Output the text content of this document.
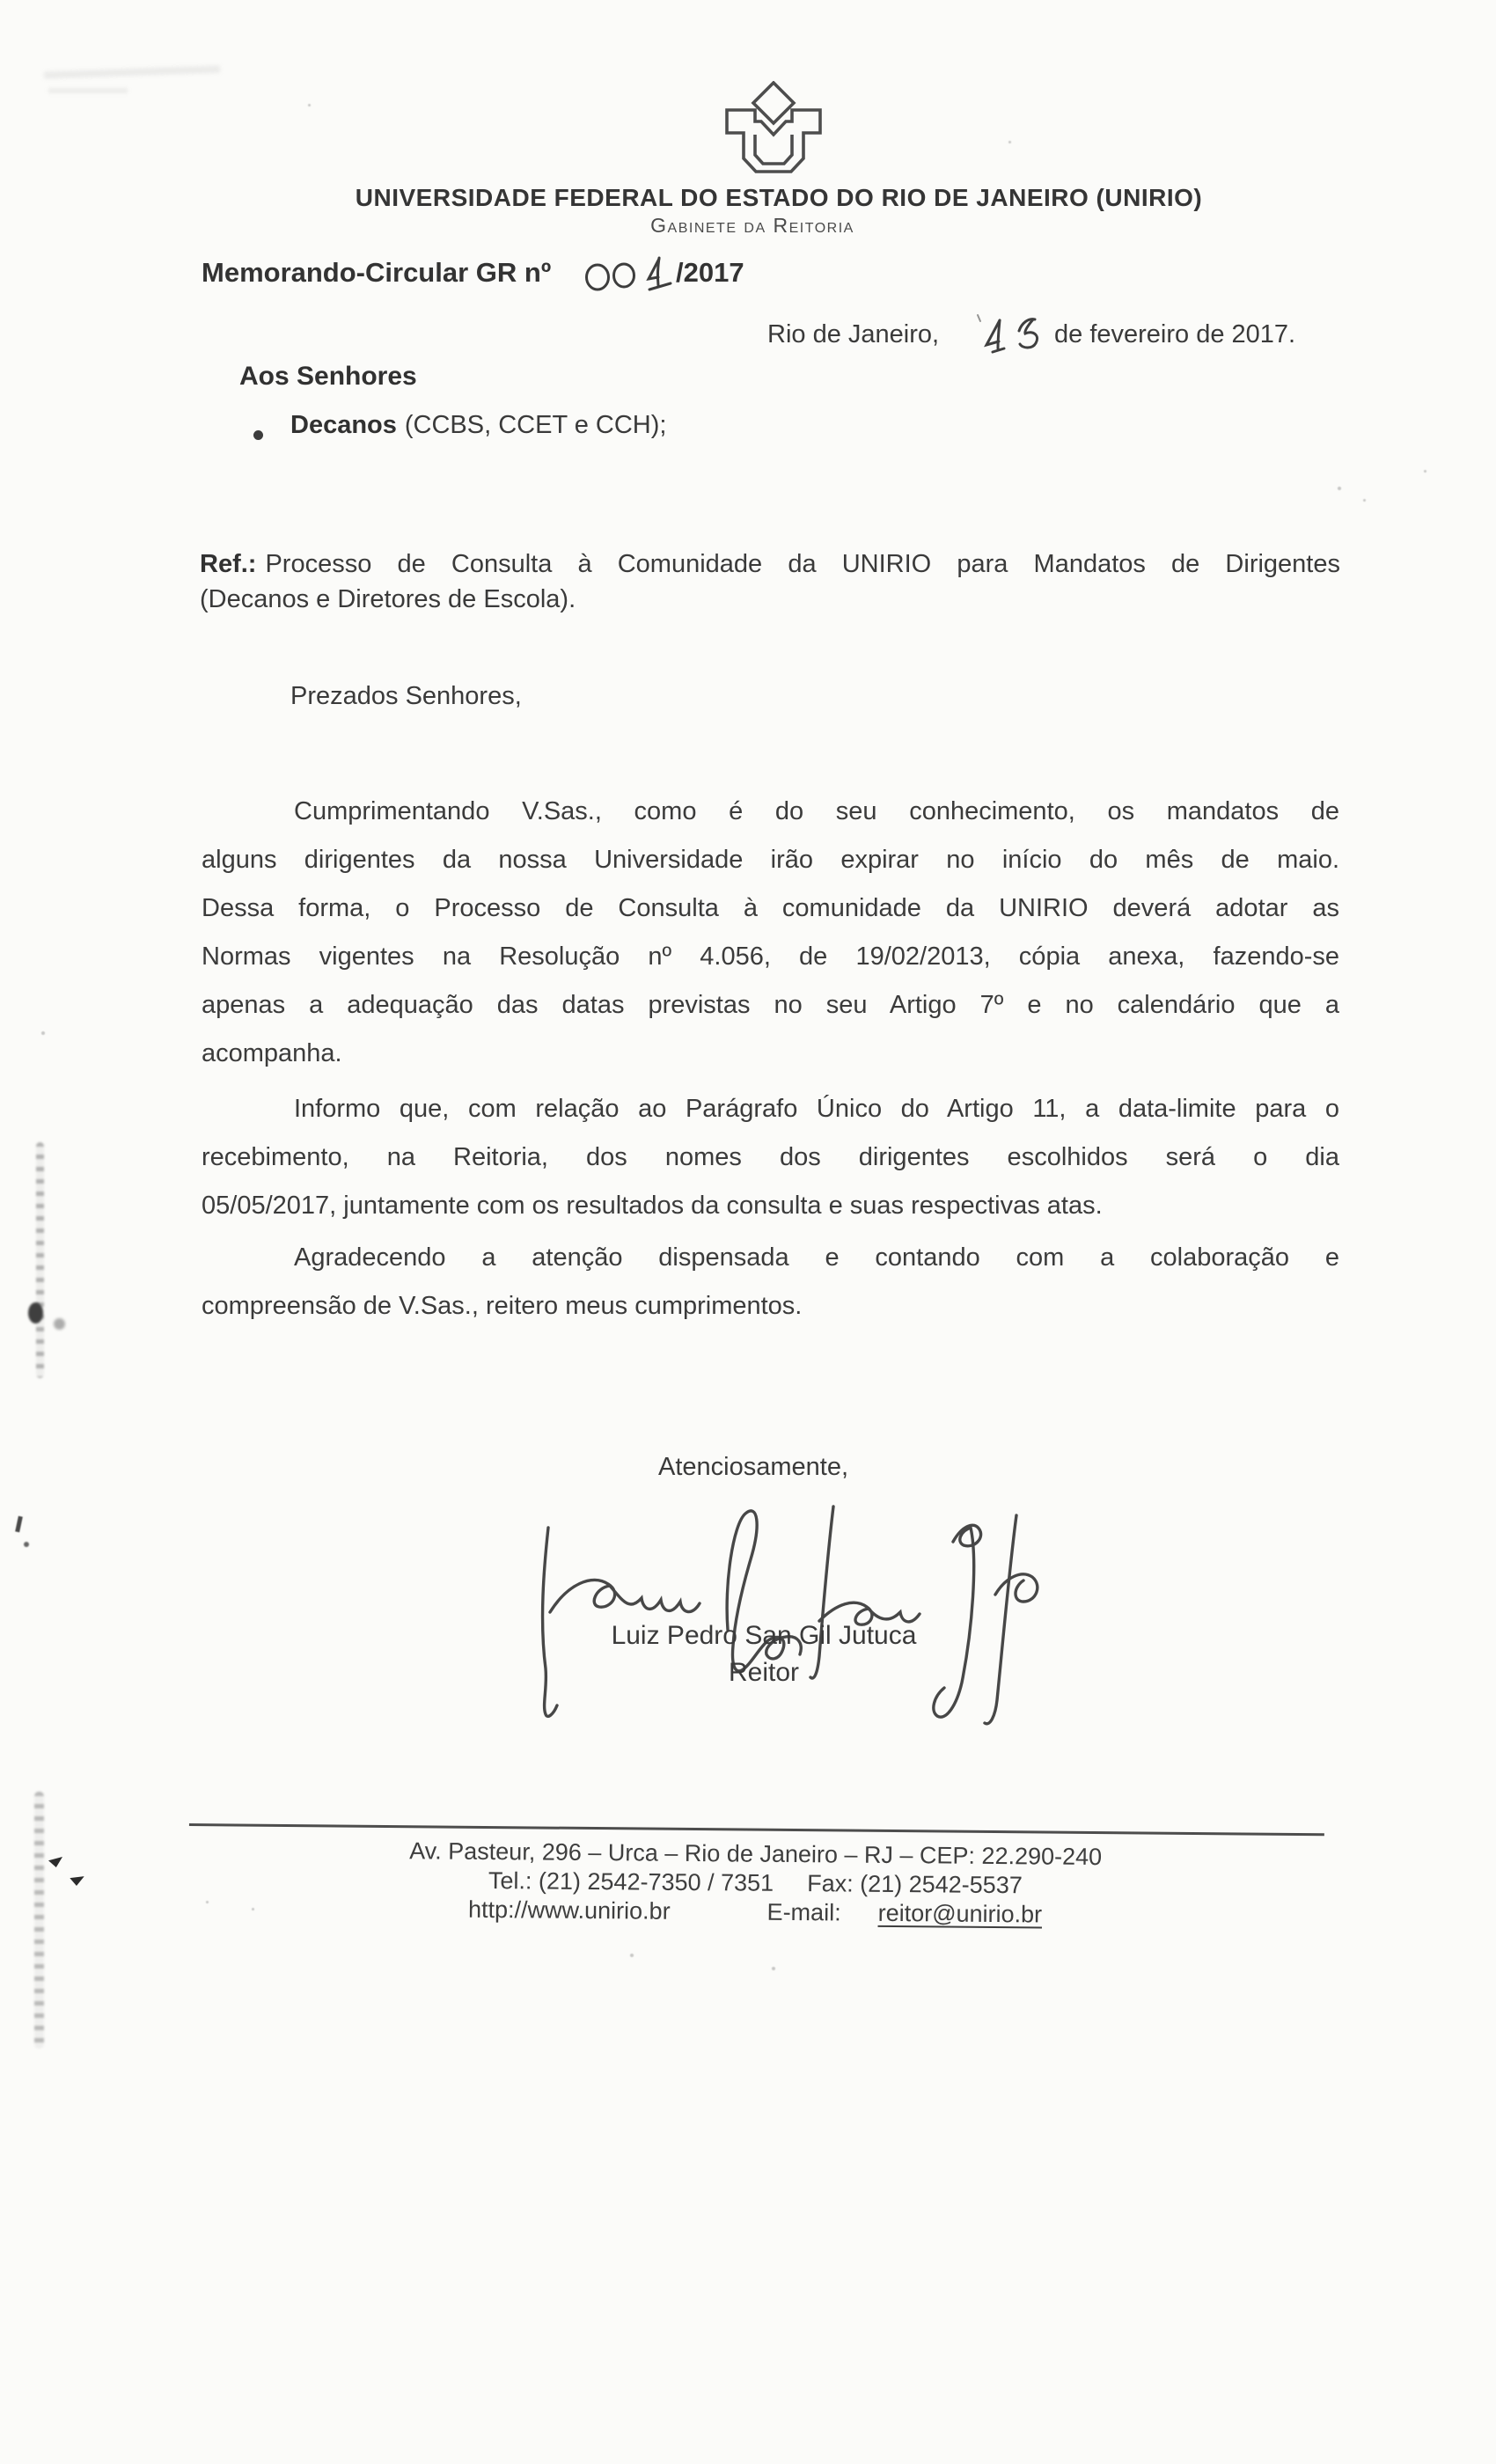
UNIVERSIDADE FEDERAL DO ESTADO DO RIO DE JANEIRO (UNIRIO)
Gabinete da Reitoria
Memorando-Circular GR nº	/2017
Rio de Janeiro,	de fevereiro de 2017.
Aos Senhores
Decanos (CCBS, CCET e CCH);
Ref.: Processo de Consulta à Comunidade da UNIRIO para Mandatos de Dirigentes
(Decanos e Diretores de Escola).
Prezados Senhores,
Cumprimentando V.Sas., como é do seu conhecimento, os mandatos de
alguns dirigentes da nossa Universidade irão expirar no início do mês de maio.
Dessa forma, o Processo de Consulta à comunidade da UNIRIO deverá adotar as
Normas vigentes na Resolução nº 4.056, de 19/02/2013, cópia anexa, fazendo-se
apenas a adequação das datas previstas no seu Artigo 7º e no calendário que a
acompanha.
Informo que, com relação ao Parágrafo Único do Artigo 11, a data-limite para o
recebimento, na Reitoria, dos nomes dos dirigentes escolhidos será o dia
05/05/2017, juntamente com os resultados da consulta e suas respectivas atas.
Agradecendo a atenção dispensada e contando com a colaboração e
compreensão de V.Sas., reitero meus cumprimentos.
Atenciosamente,
Luiz Pedro San Gil Jutuca
Reitor
Av. Pasteur, 296 – Urca – Rio de Janeiro – RJ – CEP: 22.290-240
Tel.: (21) 2542-7350 / 7351 Fax: (21) 2542-5537
http://www.unirio.br	E-mail: reitor@unirio.br
